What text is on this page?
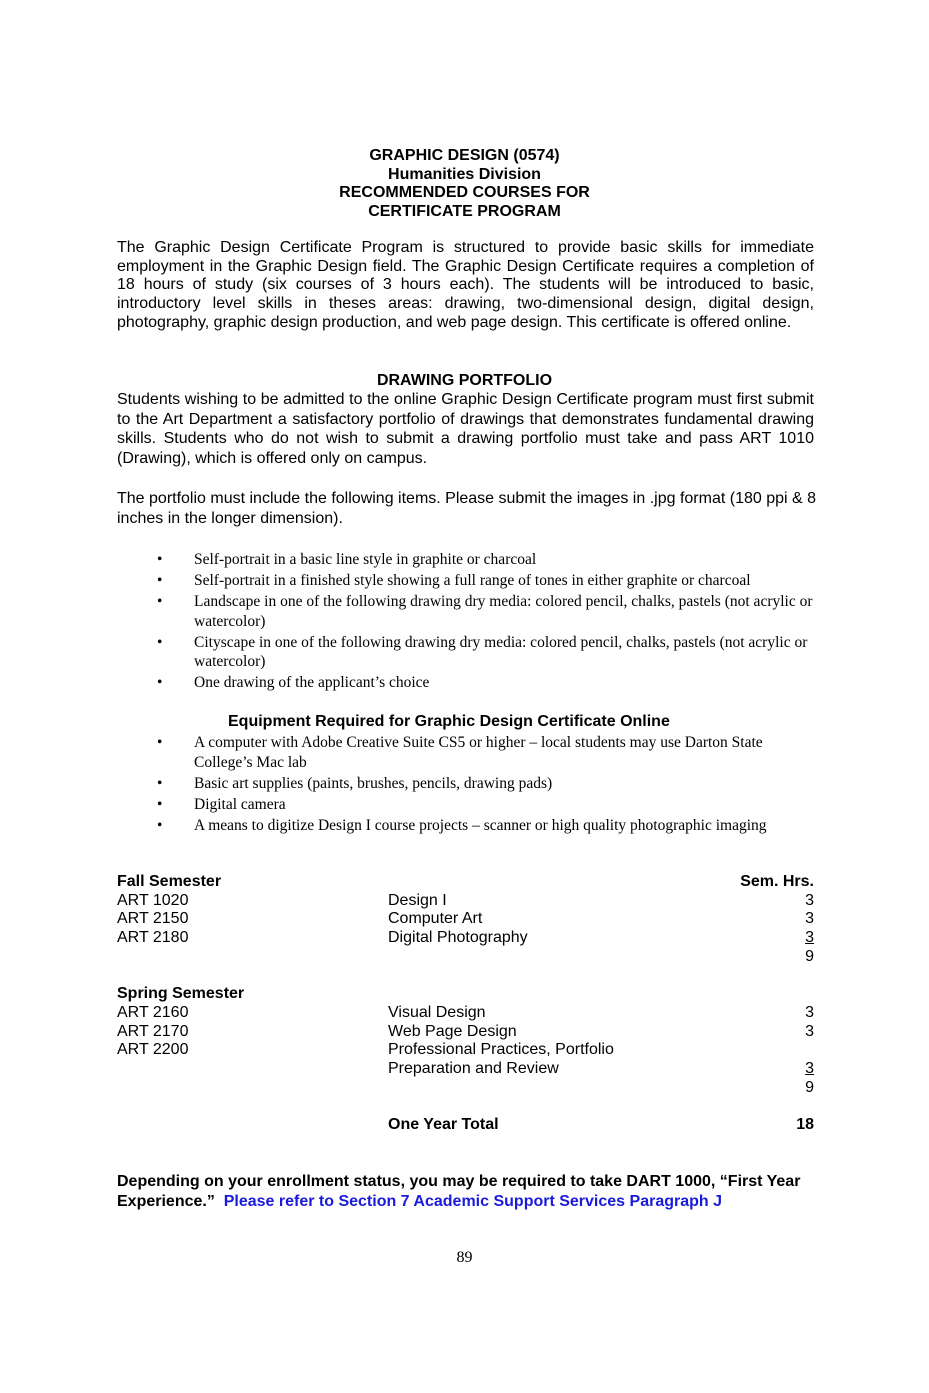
GRAPHIC DESIGN (0574)
Humanities Division
RECOMMENDED COURSES FOR
CERTIFICATE PROGRAM
The Graphic Design Certificate Program is structured to provide basic skills for immediate employment in the Graphic Design field. The Graphic Design Certificate requires a completion of 18 hours of study (six courses of 3 hours each). The students will be introduced to basic, introductory level skills in theses areas: drawing, two-dimensional design, digital design, photography, graphic design production, and web page design. This certificate is offered online.
DRAWING PORTFOLIO
Students wishing to be admitted to the online Graphic Design Certificate program must first submit to the Art Department a satisfactory portfolio of drawings that demonstrates fundamental drawing skills. Students who do not wish to submit a drawing portfolio must take and pass ART 1010 (Drawing), which is offered only on campus.
The portfolio must include the following items. Please submit the images in .jpg format (180 ppi & 8 inches in the longer dimension).
• Self-portrait in a basic line style in graphite or charcoal
• Self-portrait in a finished style showing a full range of tones in either graphite or charcoal
• Landscape in one of the following drawing dry media: colored pencil, chalks, pastels (not acrylic or watercolor)
• Cityscape in one of the following drawing dry media: colored pencil, chalks, pastels (not acrylic or watercolor)
• One drawing of the applicant’s choice
Equipment Required for Graphic Design Certificate Online
• A computer with Adobe Creative Suite CS5 or higher – local students may use Darton State College’s Mac lab
• Basic art supplies (paints, brushes, pencils, drawing pads)
• Digital camera
• A means to digitize Design I course projects – scanner or high quality photographic imaging
Fall Semester		Sem. Hrs.
ART 1020	Design I	3
ART 2150	Computer Art	3
ART 2180	Digital Photography	3
		9

Spring Semester		
ART 2160	Visual Design	3
ART 2170	Web Page Design	3
ART 2200	Professional Practices, Portfolio	
	Preparation and Review	3
		9

	One Year Total	18
Depending on your enrollment status, you may be required to take DART 1000, “First Year Experience.” Please refer to Section 7 Academic Support Services Paragraph J
89
